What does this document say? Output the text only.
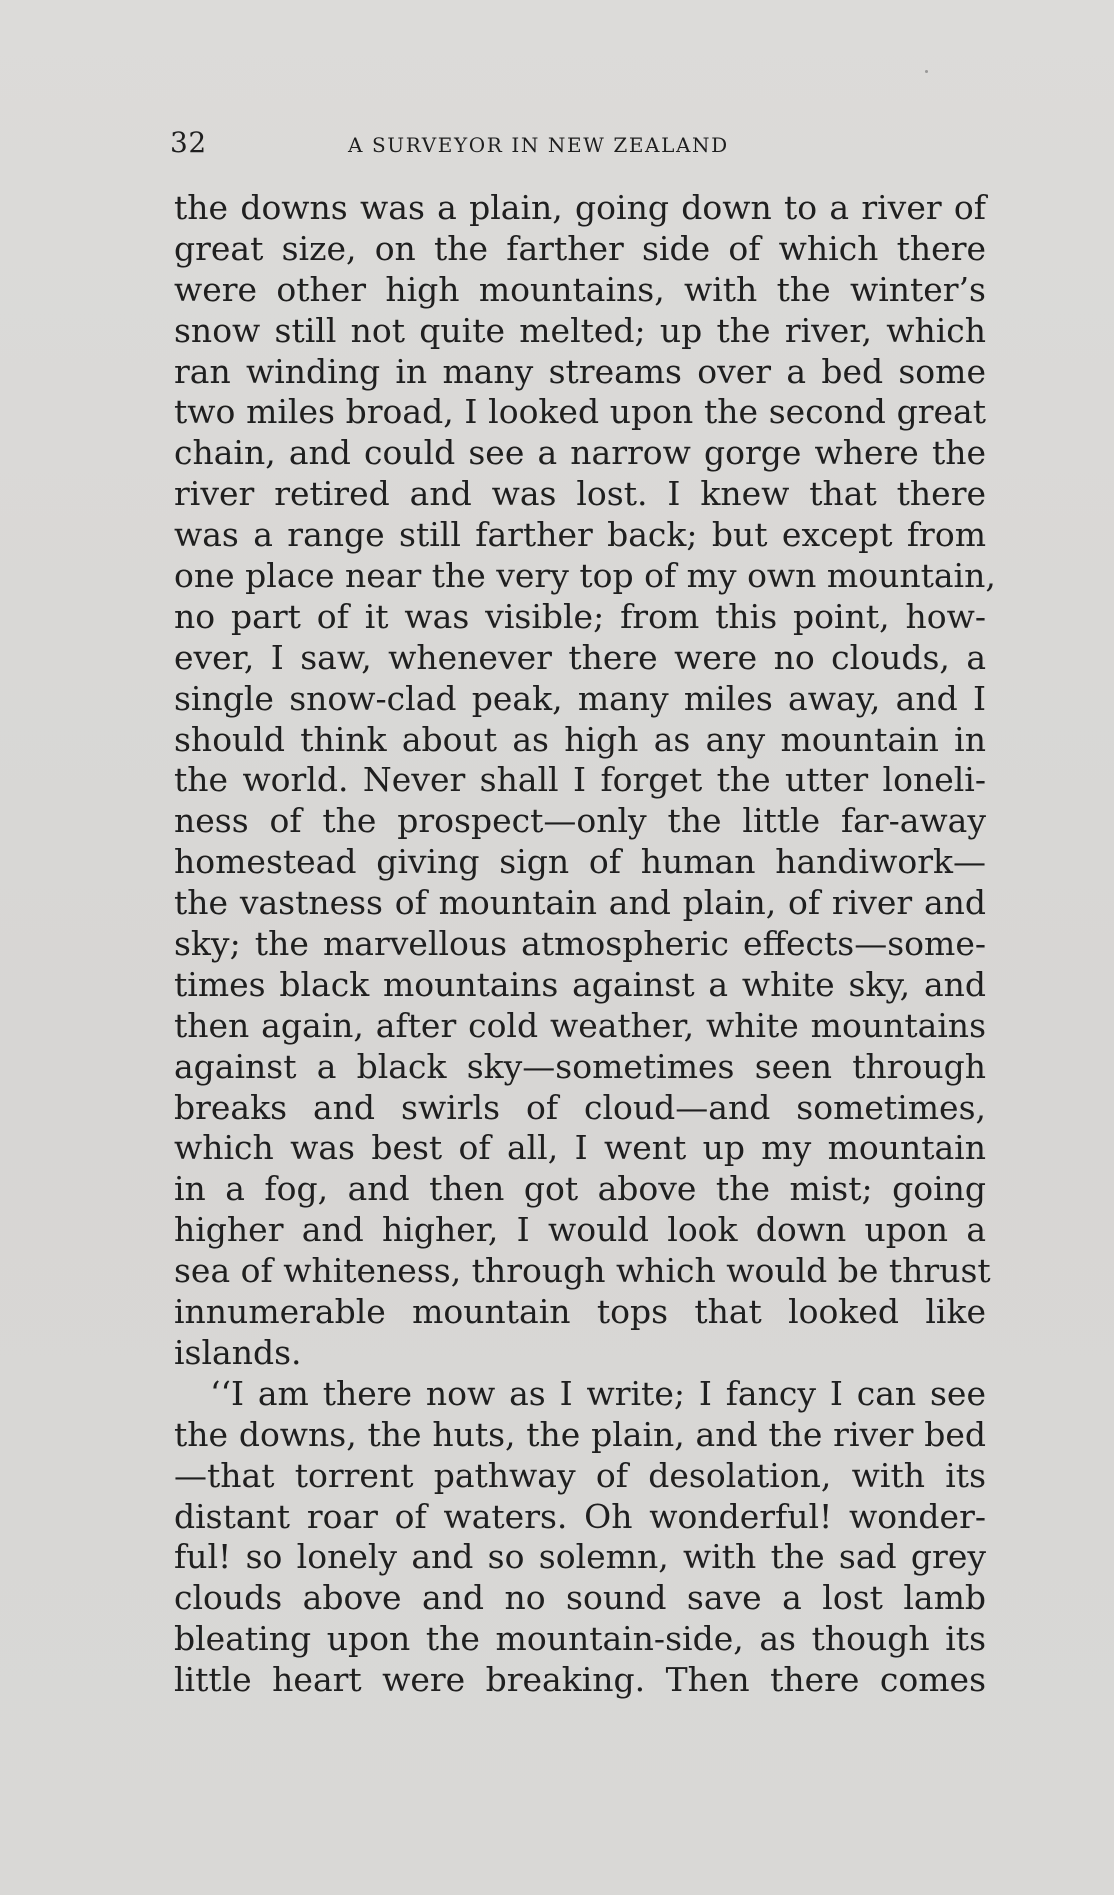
32	A SURVEYOR IN NEW ZEALAND
the downs was a plain, going down to a river of
great size, on the farther side of which there
were other high mountains, with the winter’s
snow still not quite melted; up the river, which
ran winding in many streams over a bed some
two miles broad, I looked upon the second great
chain, and could see a narrow gorge where the
river retired and was lost. I knew that there
was a range still farther back; but except from
one place near the very top of my own mountain,
no part of it was visible; from this point, how-
ever, I saw, whenever there were no clouds, a
single snow-clad peak, many miles away, and I
should think about as high as any mountain in
the world. Never shall I forget the utter loneli-
ness of the prospect—only the little far-away
homestead giving sign of human handiwork—
the vastness of mountain and plain, of river and
sky; the marvellous atmospheric effects—some-
times black mountains against a white sky, and
then again, after cold weather, white mountains
against a black sky—sometimes seen through
breaks and swirls of cloud—and sometimes,
which was best of all, I went up my mountain
in a fog, and then got above the mist; going
higher and higher, I would look down upon a
sea of whiteness, through which would be thrust
innumerable mountain tops that looked like
islands.
‘‘I am there now as I write; I fancy I can see
the downs, the huts, the plain, and the river bed
—that torrent pathway of desolation, with its
distant roar of waters. Oh wonderful! wonder-
ful! so lonely and so solemn, with the sad grey
clouds above and no sound save a lost lamb
bleating upon the mountain-side, as though its
little heart were breaking. Then there comes
